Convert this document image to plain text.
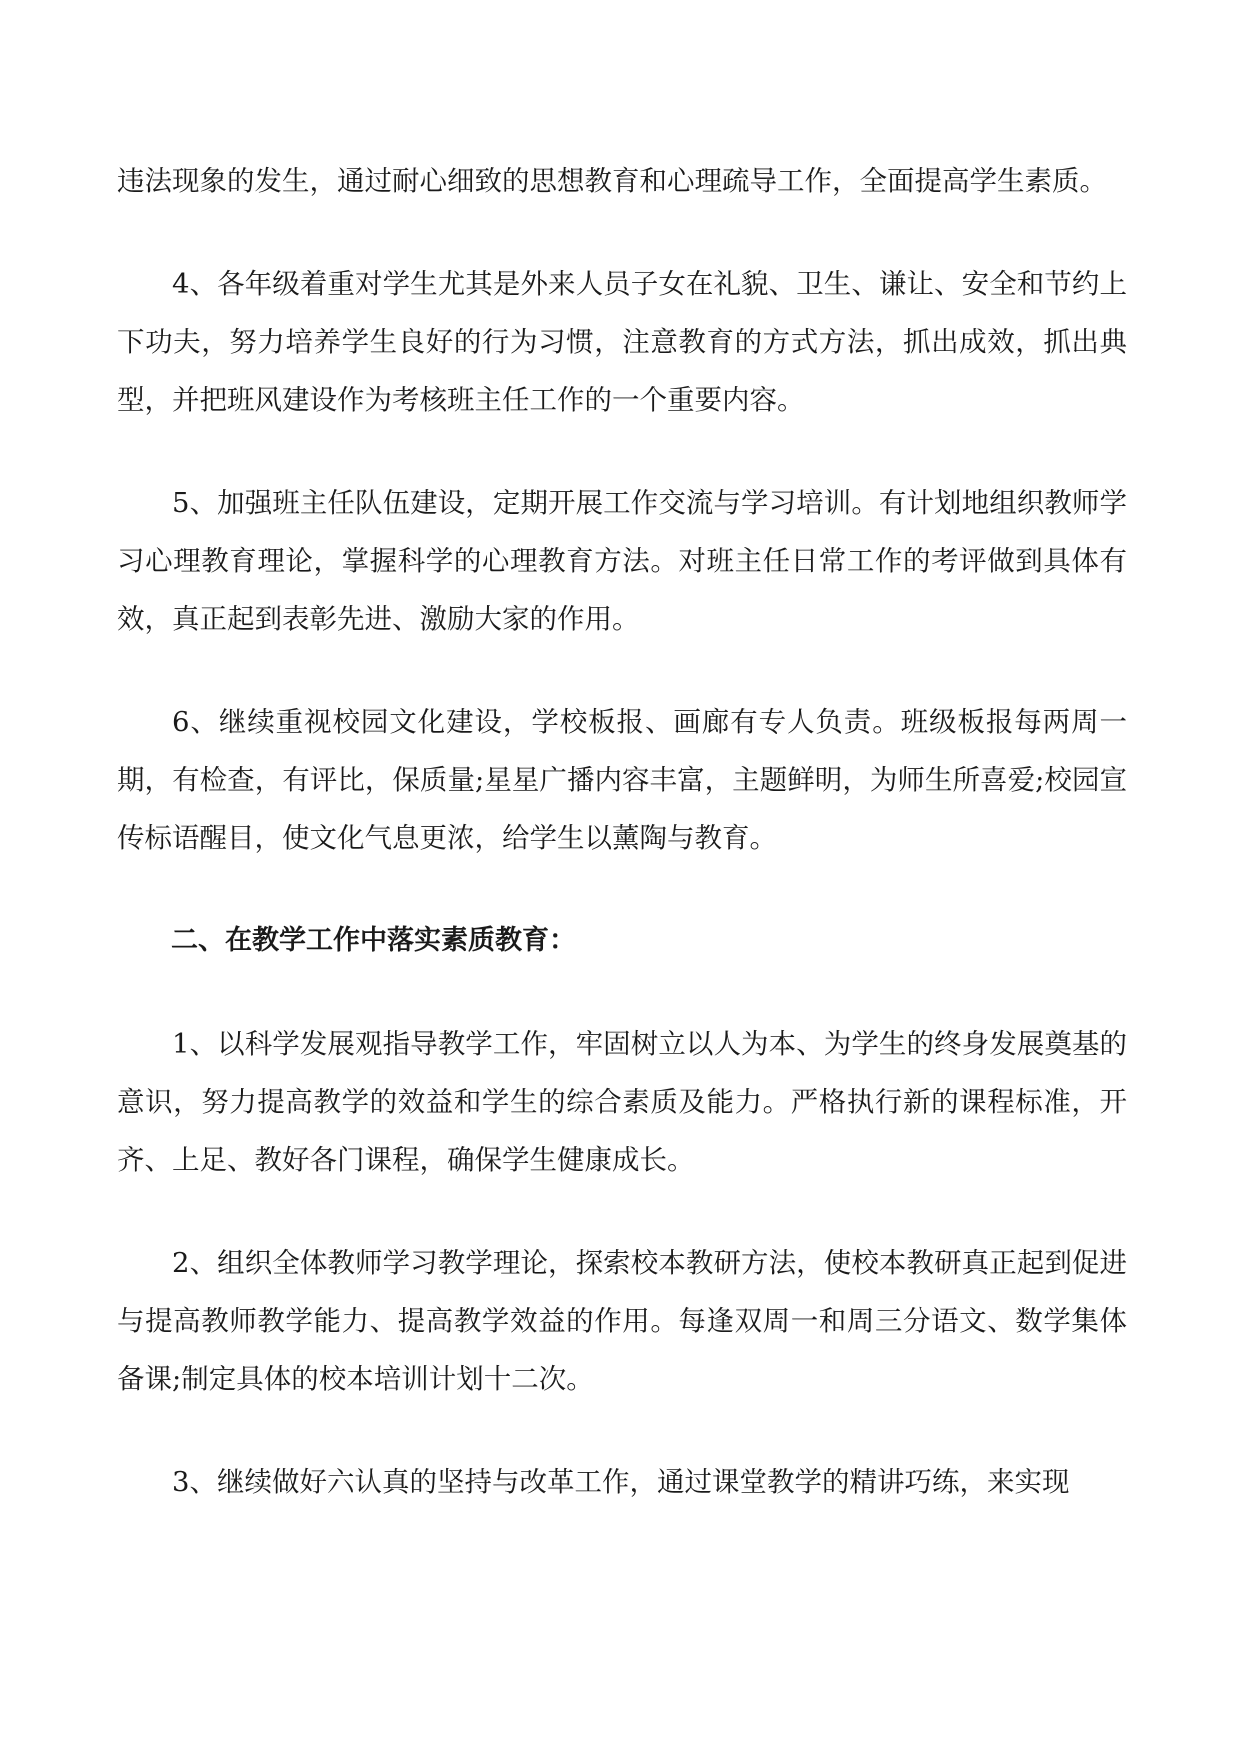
违法现象的发生，通过耐心细致的思想教育和心理疏导工作，全面提高学生素质。

4、各年级着重对学生尤其是外来人员子女在礼貌、卫生、谦让、安全和节约上下功夫，努力培养学生良好的行为习惯，注意教育的方式方法，抓出成效，抓出典型，并把班风建设作为考核班主任工作的一个重要内容。

5、加强班主任队伍建设，定期开展工作交流与学习培训。有计划地组织教师学习心理教育理论，掌握科学的心理教育方法。对班主任日常工作的考评做到具体有效，真正起到表彰先进、激励大家的作用。

6、继续重视校园文化建设，学校板报、画廊有专人负责。班级板报每两周一期，有检查，有评比，保质量;星星广播内容丰富，主题鲜明，为师生所喜爱;校园宣传标语醒目，使文化气息更浓，给学生以薰陶与教育。

二、在教学工作中落实素质教育：

1、以科学发展观指导教学工作，牢固树立以人为本、为学生的终身发展奠基的意识，努力提高教学的效益和学生的综合素质及能力。严格执行新的课程标准，开齐、上足、教好各门课程，确保学生健康成长。

2、组织全体教师学习教学理论，探索校本教研方法，使校本教研真正起到促进与提高教师教学能力、提高教学效益的作用。每逢双周一和周三分语文、数学集体备课;制定具体的校本培训计划十二次。

3、继续做好六认真的坚持与改革工作，通过课堂教学的精讲巧练，来实现
